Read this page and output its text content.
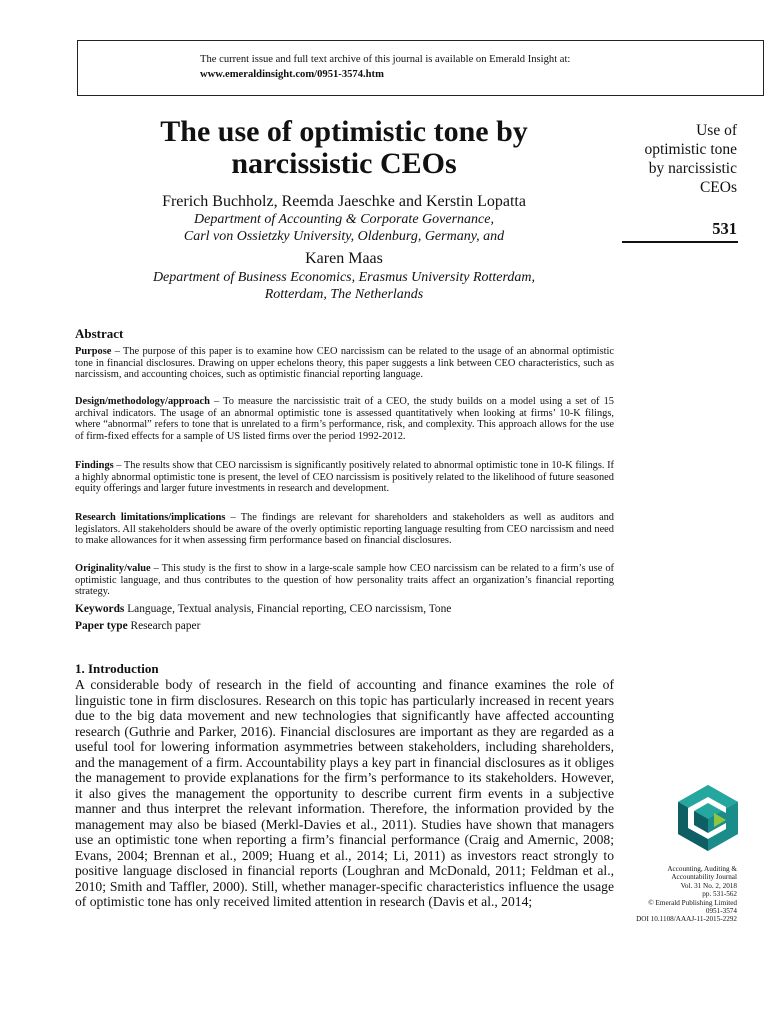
The current issue and full text archive of this journal is available on Emerald Insight at:
www.emeraldinsight.com/0951-3574.htm
The use of optimistic tone by
narcissistic CEOs
Frerich Buchholz, Reemda Jaeschke and Kerstin Lopatta
Department of Accounting & Corporate Governance,
Carl von Ossietzky University, Oldenburg, Germany, and
Karen Maas
Department of Business Economics, Erasmus University Rotterdam,
Rotterdam, The Netherlands
Use of
optimistic tone
by narcissistic
CEOs
531
Abstract
Purpose – The purpose of this paper is to examine how CEO narcissism can be related to the usage of an abnormal optimistic tone in financial disclosures. Drawing on upper echelons theory, this paper suggests a link between CEO characteristics, such as narcissism, and accounting choices, such as optimistic financial reporting language.
Design/methodology/approach – To measure the narcissistic trait of a CEO, the study builds on a model using a set of 15 archival indicators. The usage of an abnormal optimistic tone is assessed quantitatively when looking at firms’ 10-K filings, where “abnormal” refers to tone that is unrelated to a firm’s performance, risk, and complexity. This approach allows for the use of firm-fixed effects for a sample of US listed firms over the period 1992-2012.
Findings – The results show that CEO narcissism is significantly positively related to abnormal optimistic tone in 10-K filings. If a highly abnormal optimistic tone is present, the level of CEO narcissism is positively related to the likelihood of future seasoned equity offerings and larger future investments in research and development.
Research limitations/implications – The findings are relevant for shareholders and stakeholders as well as auditors and legislators. All stakeholders should be aware of the overly optimistic reporting language resulting from CEO narcissism and need to make allowances for it when assessing firm performance based on financial disclosures.
Originality/value – This study is the first to show in a large-scale sample how CEO narcissism can be related to a firm’s use of optimistic language, and thus contributes to the question of how personality traits affect an organization’s financial reporting strategy.
Keywords Language, Textual analysis, Financial reporting, CEO narcissism, Tone
Paper type Research paper
1. Introduction
A considerable body of research in the field of accounting and finance examines the role of linguistic tone in firm disclosures. Research on this topic has particularly increased in recent years due to the big data movement and new technologies that significantly have affected accounting research (Guthrie and Parker, 2016). Financial disclosures are important as they are regarded as a useful tool for lowering information asymmetries between stakeholders, including shareholders, and the management of a firm. Accountability plays a key part in financial disclosures as it obliges the management to provide explanations for the firm’s performance to its stakeholders. However, it also gives the management the opportunity to describe current firm events in a subjective manner and thus interpret the relevant information. Therefore, the information provided by the management may also be biased (Merkl-Davies et al., 2011). Studies have shown that managers use an optimistic tone when reporting a firm’s financial performance (Craig and Amernic, 2008; Evans, 2004; Brennan et al., 2009; Huang et al., 2014; Li, 2011) as investors react strongly to positive language disclosed in financial reports (Loughran and McDonald, 2011; Feldman et al., 2010; Smith and Taffler, 2000). Still, whether manager-specific characteristics influence the usage of optimistic tone has only received limited attention in research (Davis et al., 2014;
Accounting, Auditing &
Accountability Journal
Vol. 31 No. 2, 2018
pp. 531-562
© Emerald Publishing Limited
0951-3574
DOI 10.1108/AAAJ-11-2015-2292
